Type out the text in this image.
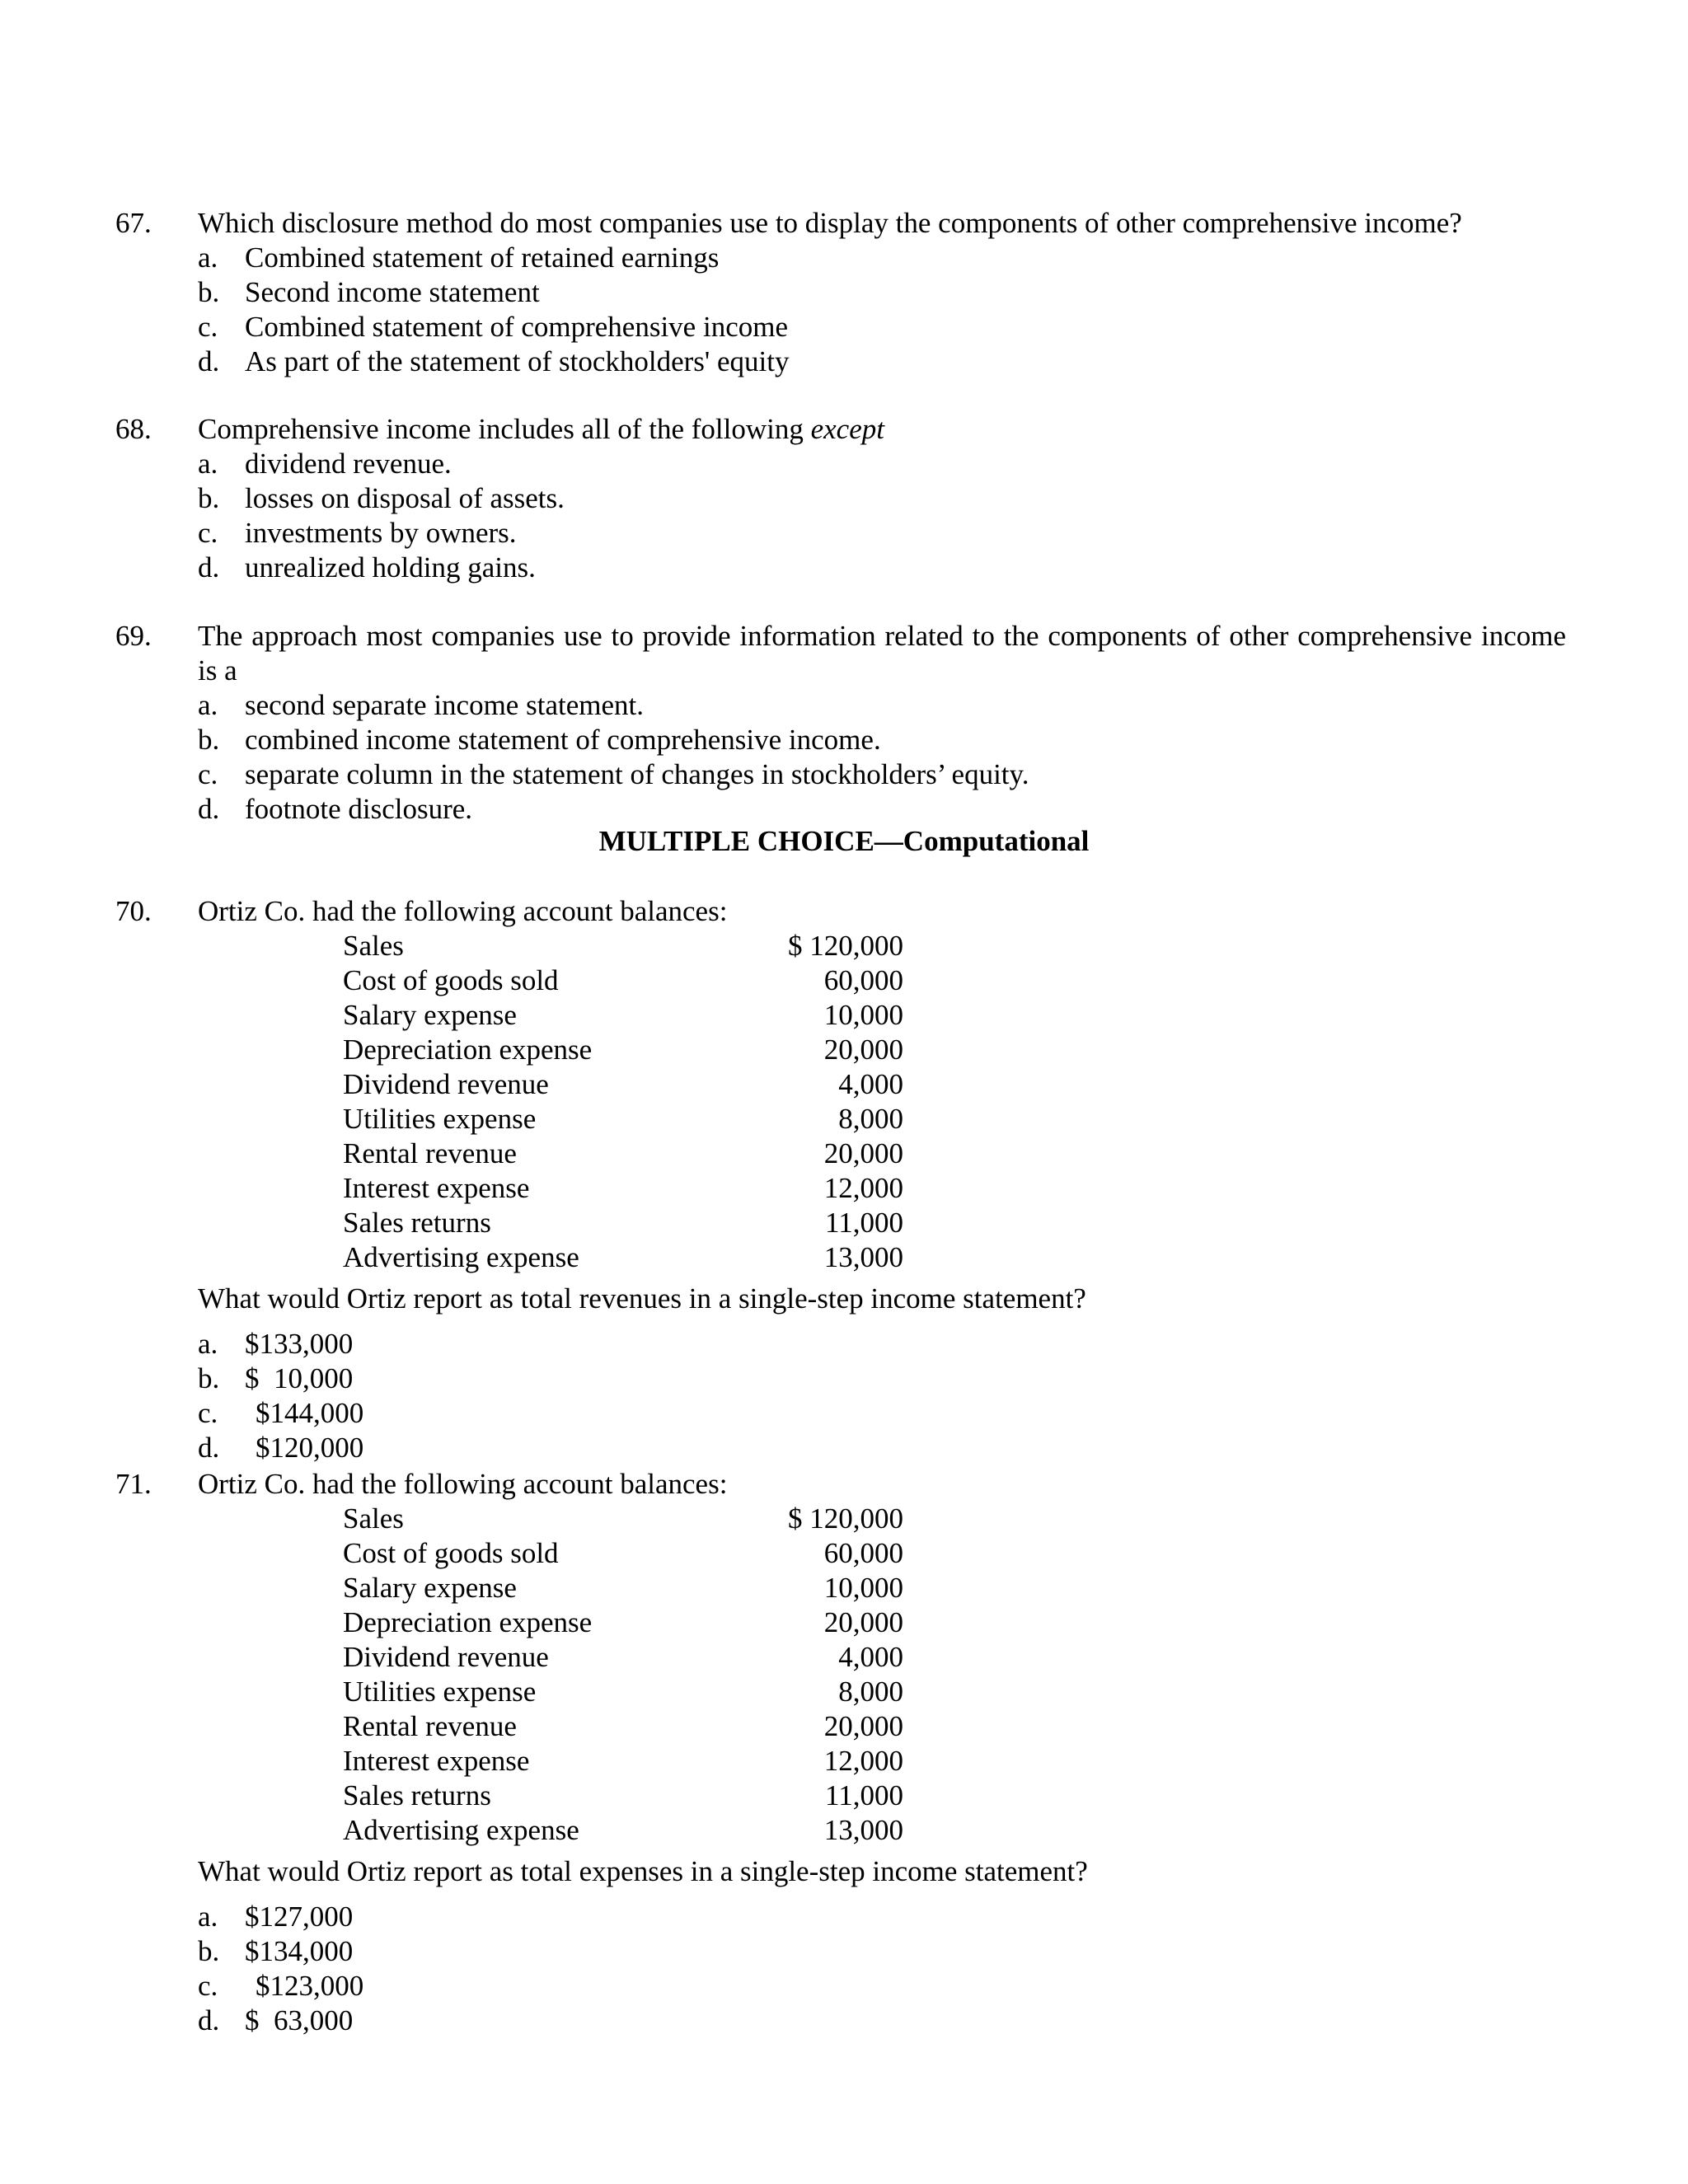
67. Which disclosure method do most companies use to display the components of other comprehensive income?

a. Combined statement of retained earnings
b. Second income statement
c. Combined statement of comprehensive income
d. As part of the statement of stockholders' equity
68. Comprehensive income includes all of the following except

a. dividend revenue.
b. losses on disposal of assets.
c. investments by owners.
d. unrealized holding gains.
69. The approach most companies use to provide information related to the components of other comprehensive income is a

a. second separate income statement.
b. combined income statement of comprehensive income.
c. separate column in the statement of changes in stockholders’ equity.
d. footnote disclosure.
MULTIPLE CHOICE—Computational
70. Ortiz Co. had the following account balances:

Sales	$ 120,000
Cost of goods sold	60,000
Salary expense	10,000
Depreciation expense	20,000
Dividend revenue	4,000
Utilities expense	8,000
Rental revenue	20,000
Interest expense	12,000
Sales returns	11,000
Advertising expense	13,000
What would Ortiz report as total revenues in a single-step income statement?
a. $133,000
b. $  10,000
c. $144,000
d. $120,000
71. Ortiz Co. had the following account balances:

Sales	$ 120,000
Cost of goods sold	60,000
Salary expense	10,000
Depreciation expense	20,000
Dividend revenue	4,000
Utilities expense	8,000
Rental revenue	20,000
Interest expense	12,000
Sales returns	11,000
Advertising expense	13,000
What would Ortiz report as total expenses in a single-step income statement?
a. $127,000
b. $134,000
c. $123,000
d. $  63,000
